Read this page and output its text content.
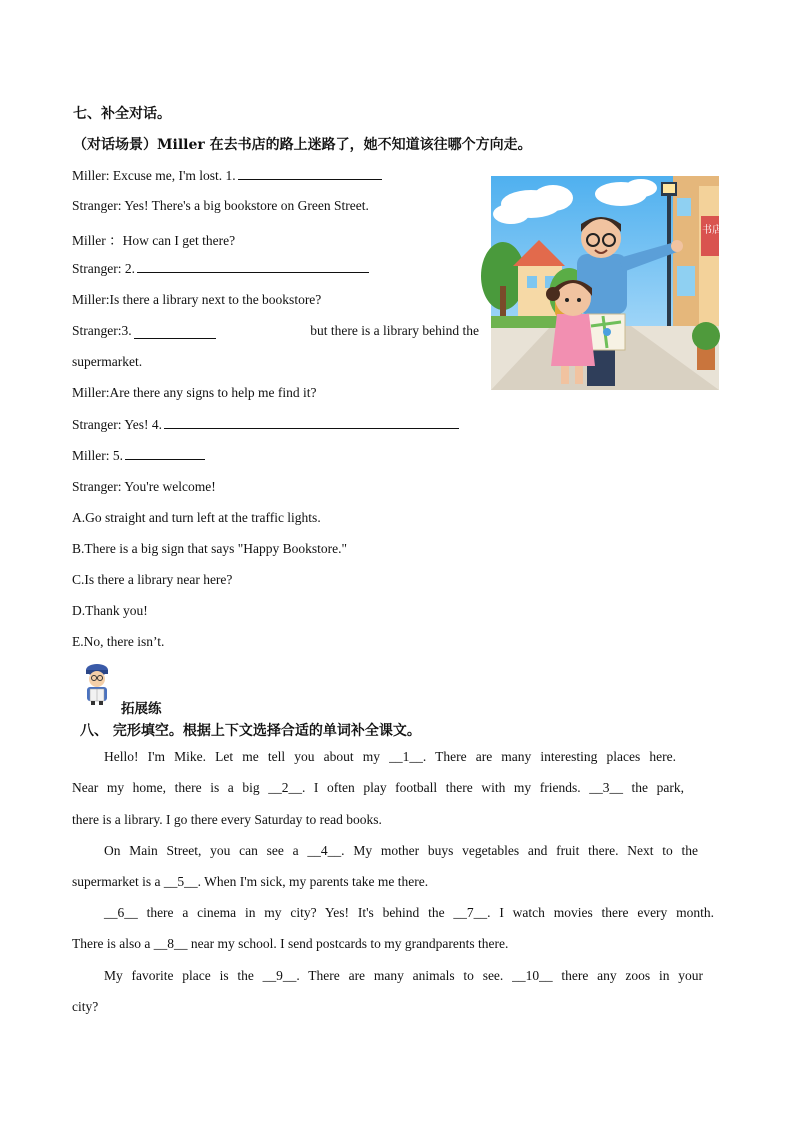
七、补全对话。
（对话场景）Miller 在去书店的路上迷路了，她不知道该往哪个方向走。
Miller: Excuse me, I'm lost. 1.
Stranger: Yes! There's a big bookstore on Green Street.
Miller ：How can I get there?
Stranger: 2.
Miller:Is there a library next to the bookstore?
Stranger:3.	but there is a library behind the
supermarket.
Miller:Are there any signs to help me find it?
Stranger: Yes! 4.
Miller: 5.
Stranger: You're welcome!
A.Go straight and turn left at the traffic lights.
B.There is a big sign that says "Happy Bookstore."
C.Is there a library near here?
D.Thank you!
E.No, there isn’t.
书店
拓展练
八、 完形填空。根据上下文选择合适的单词补全课文。
Hello! I'm Mike. Let me tell you about my __1__. There are many interesting places here.
Near my home, there is a big __2__. I often play football there with my friends. __3__ the park,
there is a library. I go there every Saturday to read books.
On Main Street, you can see a __4__. My mother buys vegetables and fruit there. Next to the
supermarket is a __5__. When I'm sick, my parents take me there.
__6__ there a cinema in my city? Yes! It's behind the __7__. I watch movies there every month.
There is also a __8__ near my school. I send postcards to my grandparents there.
My favorite place is the __9__. There are many animals to see. __10__ there any zoos in your
city?
